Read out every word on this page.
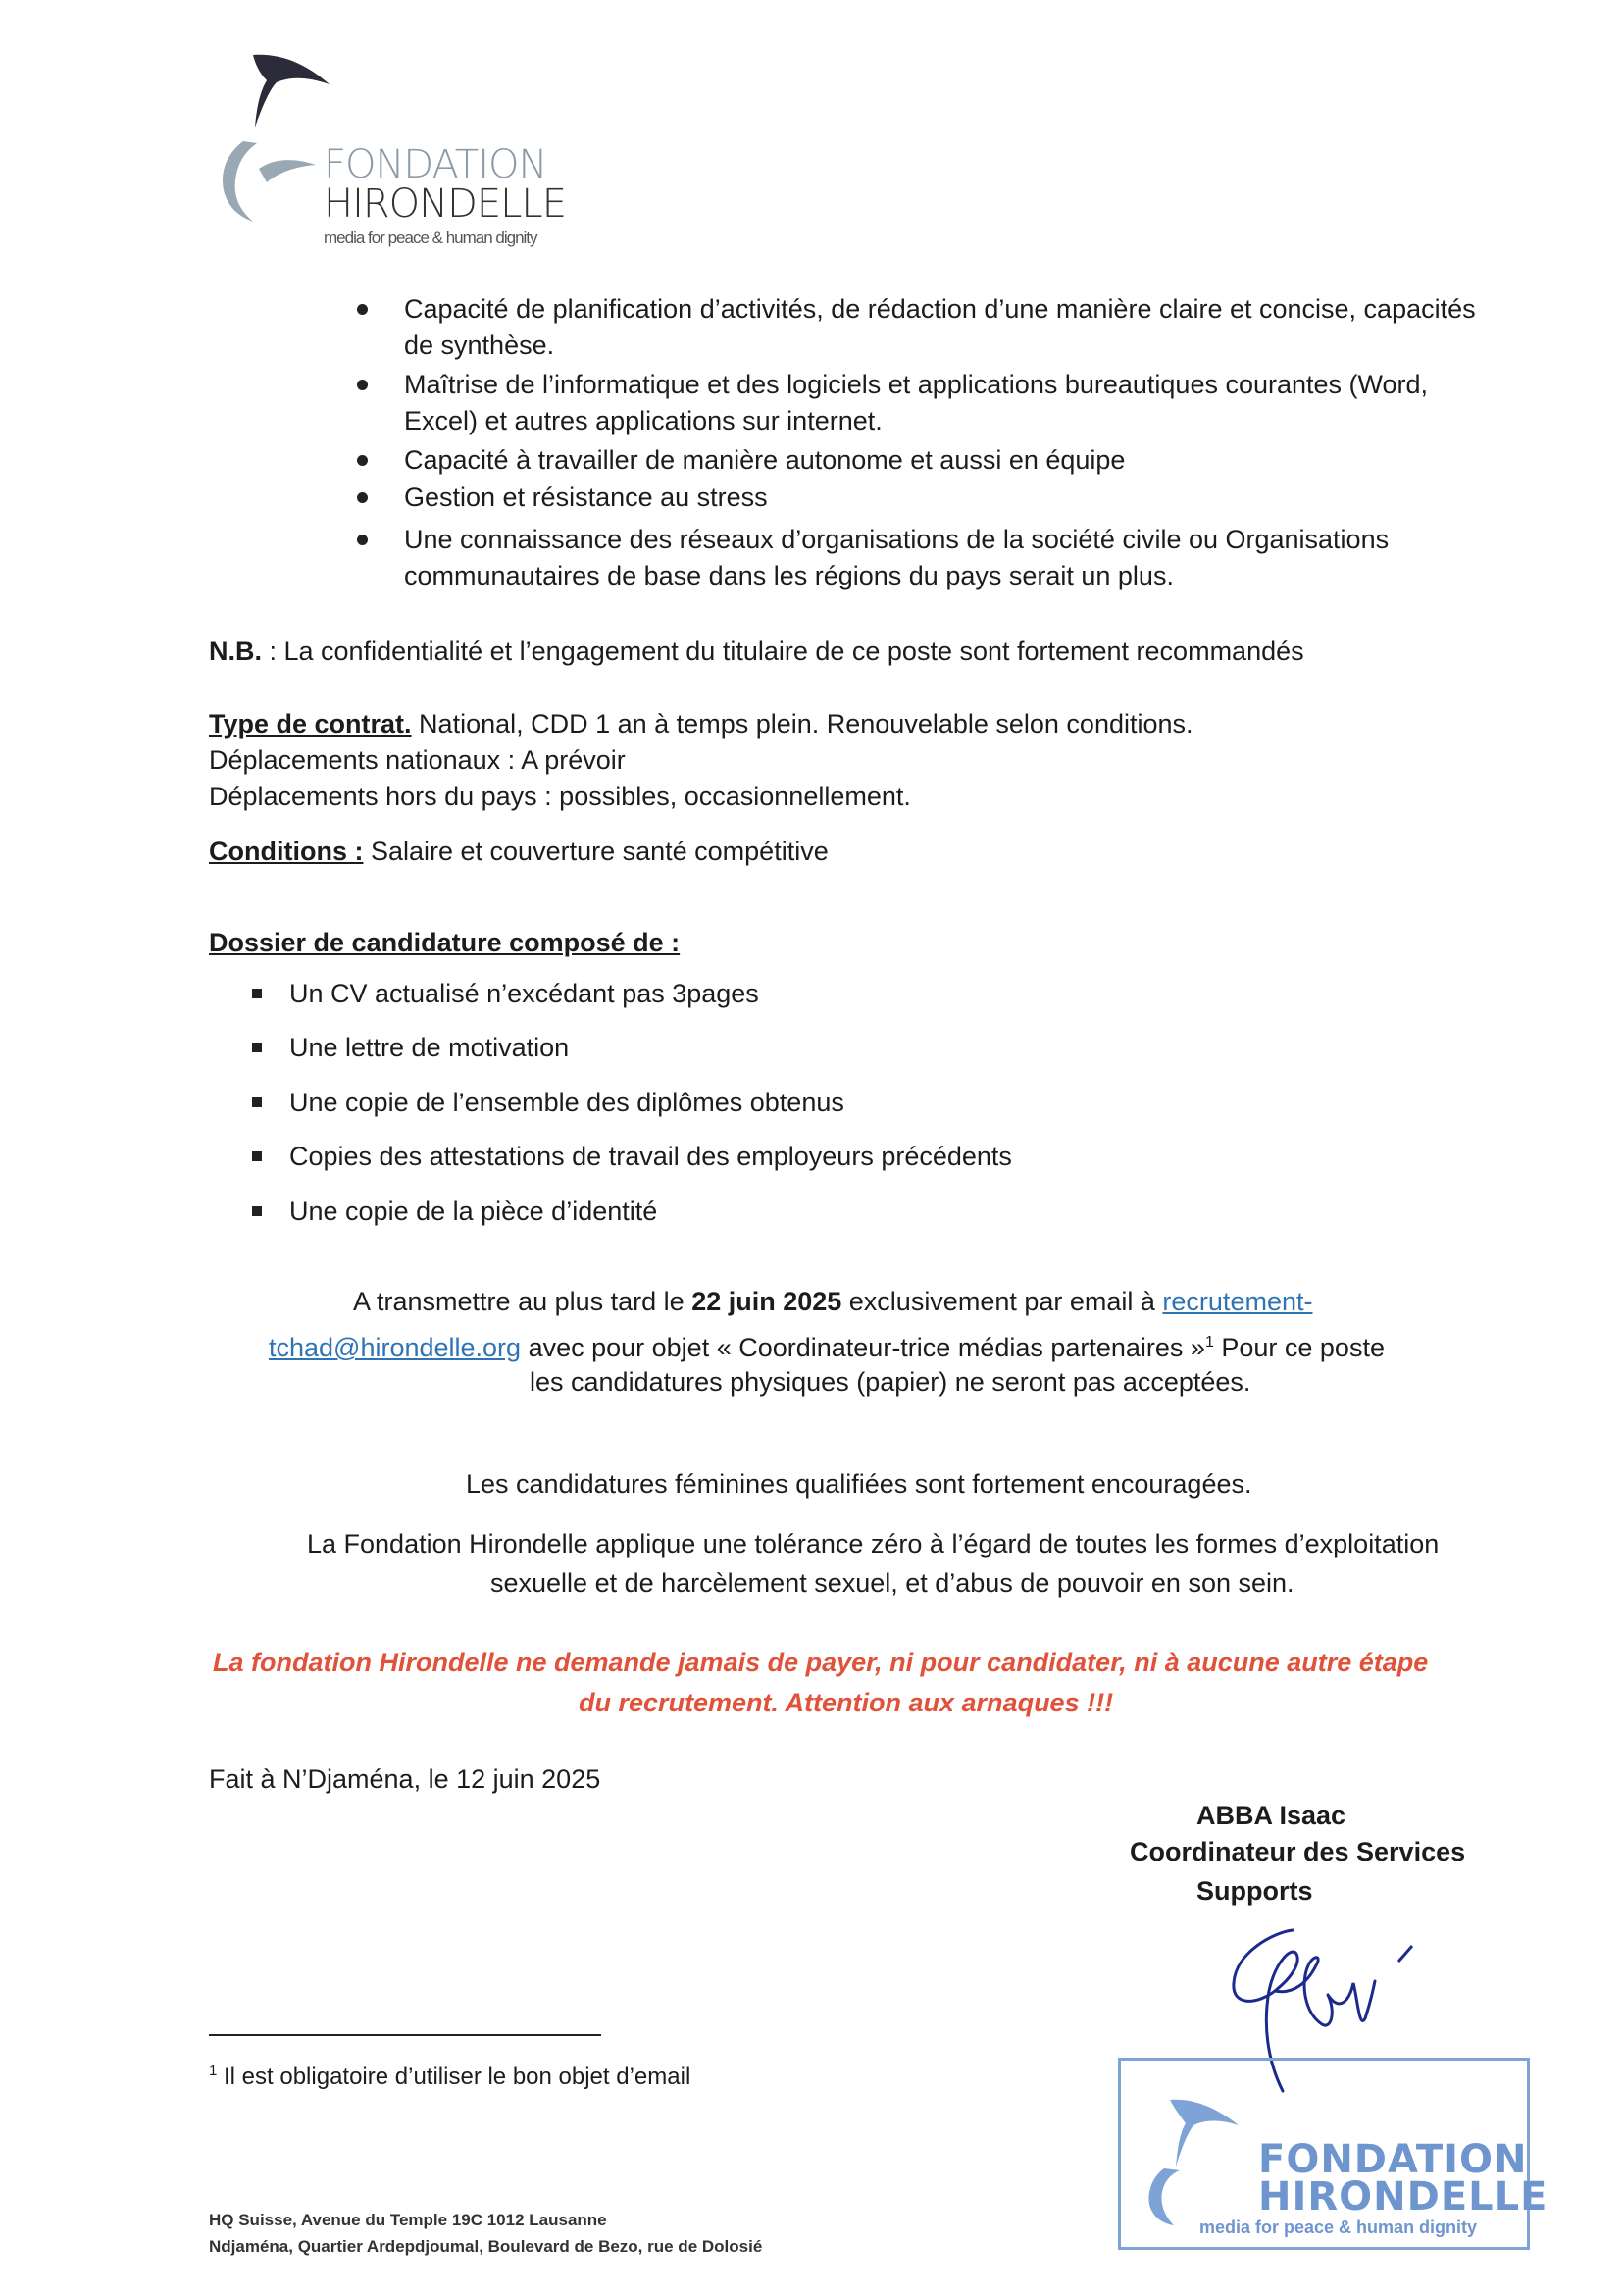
FONDATION
HIRONDELLE
media for peace & human dignity
Capacité de planification d’activités, de rédaction d’une manière claire et concise, capacités
de synthèse.
Maîtrise de l’informatique et des logiciels et applications bureautiques courantes (Word,
Excel) et autres applications sur internet.
Capacité à travailler de manière autonome et aussi en équipe
Gestion et résistance au stress
Une connaissance des réseaux d’organisations de la société civile ou Organisations
communautaires de base dans les régions du pays serait un plus.
N.B. : La confidentialité et l’engagement du titulaire de ce poste sont fortement recommandés
Type de contrat. National, CDD 1 an à temps plein. Renouvelable selon conditions.
Déplacements nationaux : A prévoir
Déplacements hors du pays : possibles, occasionnellement.
Conditions : Salaire et couverture santé compétitive
Dossier de candidature composé de :
Un CV actualisé n’excédant pas 3pages
Une lettre de motivation
Une copie de l’ensemble des diplômes obtenus
Copies des attestations de travail des employeurs précédents
Une copie de la pièce d’identité
A transmettre au plus tard le 22 juin 2025 exclusivement par email à recrutement-
tchad@hirondelle.org avec pour objet « Coordinateur-trice médias partenaires »$^1$ Pour ce poste
les candidatures physiques (papier) ne seront pas acceptées.
Les candidatures féminines qualifiées sont fortement encouragées.
La Fondation Hirondelle applique une tolérance zéro à l’égard de toutes les formes d’exploitation
sexuelle et de harcèlement sexuel, et d’abus de pouvoir en son sein.
La fondation Hirondelle ne demande jamais de payer, ni pour candidater, ni à aucune autre étape
du recrutement. Attention aux arnaques !!!
Fait à N’Djaména, le 12 juin 2025
ABBA Isaac
Coordinateur des Services
Supports
FONDATION
HIRONDELLE
media for peace & human dignity
$^1$ Il est obligatoire d’utiliser le bon objet d’email
HQ Suisse, Avenue du Temple 19C 1012 Lausanne
Ndjaména, Quartier Ardepdjoumal, Boulevard de Bezo, rue de Dolosié
